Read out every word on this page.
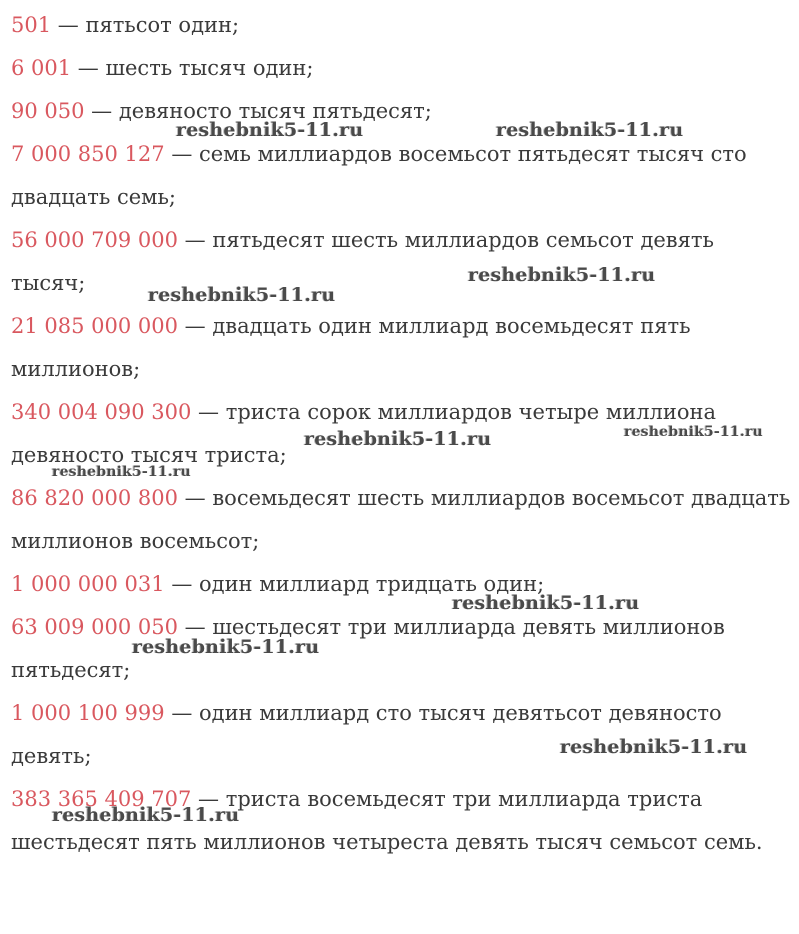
501 — пятьсот один;

6 001 — шесть тысяч один;

90 050 — девяносто тысяч пятьдесят;

7 000 850 127 — семь миллиардов восемьсот пятьдесят тысяч сто двадцать семь;

56 000 709 000 — пятьдесят шесть миллиардов семьсот девять тысяч;

21 085 000 000 — двадцать один миллиард восемьдесят пять миллионов;

340 004 090 300 — триста сорок миллиардов четыре миллиона девяносто тысяч триста;

86 820 000 800 — восемьдесят шесть миллиардов восемьсот двадцать миллионов восемьсот;

1 000 000 031 — один миллиард тридцать один;

63 009 000 050 — шестьдесят три миллиарда девять миллионов пятьдесят;

1 000 100 999 — один миллиард сто тысяч девятьсот девяносто девять;

383 365 409 707 — триста восемьдесят три миллиарда триста шестьдесят пять миллионов четыреста девять тысяч семьсот семь.

reshebnik5-11.ru	reshebnik5-11.ru
reshebnik5-11.ru
reshebnik5-11.ru
reshebnik5-11.ru	reshebnik5-11.ru
reshebnik5-11.ru
reshebnik5-11.ru
reshebnik5-11.ru
reshebnik5-11.ru
reshebnik5-11.ru
